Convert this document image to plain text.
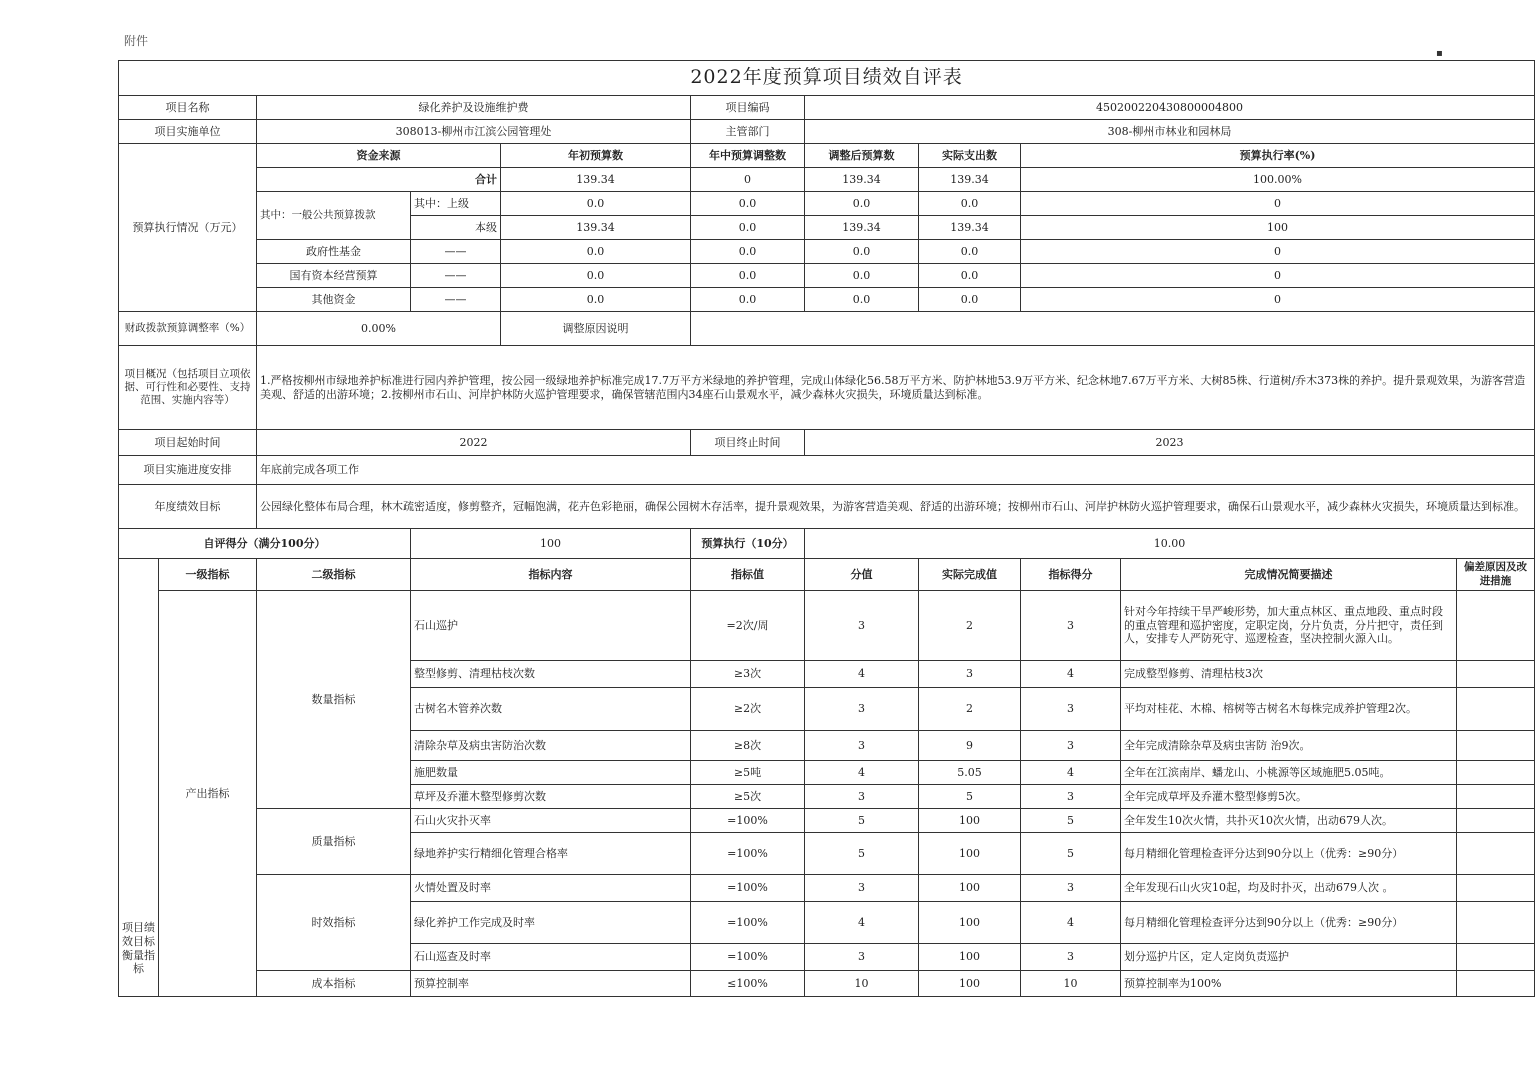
附件
▪
2022年度预算项目绩效自评表										
项目名称		绿化养护及设施维护费			项目编码	450200220430800004800				
项目实施单位		308013-柳州市江滨公园管理处			主管部门	308-柳州市林业和园林局				
预算执行情况（万元）		资金来源		年初预算数	年中预算调整数	调整后预算数	实际支出数	预算执行率(%)		
		合计		139.34	0	139.34	139.34	100.00%		
		其中：一般公共预算拨款	其中：上级	0.0	0.0	0.0	0.0	0		
			本级	139.34	0.0	139.34	139.34	100		
		政府性基金	——	0.0	0.0	0.0	0.0	0		
		国有资本经营预算	——	0.0	0.0	0.0	0.0	0		
		其他资金	——	0.0	0.0	0.0	0.0	0		
财政拨款预算调整率（%）		0.00%		调整原因说明						
项目概况（包括项目立项依据、可行性和必要性、支持范围、实施内容等）		1.严格按柳州市绿地养护标准进行园内养护管理，按公园一级绿地养护标准完成17.7万平方米绿地的养护管理，完成山体绿化56.58万平方米、防护林地53.9万平方米、纪念林地7.67万平方米、大树85株、行道树/乔木373株的养护。提升景观效果，为游客营造美观、舒适的出游环境；2.按柳州市石山、河岸护林防火巡护管理要求，确保管辖范围内34座石山景观水平，减少森林火灾损失，环境质量达到标准。								
项目起始时间		2022			项目终止时间	2023				
项目实施进度安排		年底前完成各项工作								
年度绩效目标		公园绿化整体布局合理，林木疏密适度，修剪整齐，冠幅饱满，花卉色彩艳丽，确保公园树木存活率，提升景观效果，为游客营造美观、舒适的出游环境；按柳州市石山、河岸护林防火巡护管理要求，确保石山景观水平，减少森林火灾损失，环境质量达到标准。								
自评得分（满分100分）			100		预算执行（10分）	10.00				
项目绩效目标衡量指标	一级指标	二级指标	指标内容		指标值	分值	实际完成值	指标得分	完成情况简要描述	偏差原因及改进措施
	产出指标	数量指标	石山巡护		=2次/周	3	2	3	针对今年持续干旱严峻形势，加大重点林区、重点地段、重点时段的重点管理和巡护密度，定职定岗，分片负责，分片把守，责任到人，安排专人严防死守、巡逻检查，坚决控制火源入山。	
			整型修剪、清理枯枝次数		≥3次	4	3	4	完成整型修剪、清理枯枝3次	
			古树名木管养次数		≥2次	3	2	3	平均对桂花、木棉、榕树等古树名木每株完成养护管理2次。	
			清除杂草及病虫害防治次数		≥8次	3	9	3	全年完成清除杂草及病虫害防 治9次。	
			施肥数量		≥5吨	4	5.05	4	全年在江滨南岸、蟠龙山、小桃源等区域施肥5.05吨。	
			草坪及乔灌木整型修剪次数		≥5次	3	5	3	全年完成草坪及乔灌木整型修剪5次。	
		质量指标	石山火灾扑灭率		=100%	5	100	5	全年发生10次火情，共扑灭10次火情，出动679人次。	
			绿地养护实行精细化管理合格率		=100%	5	100	5	每月精细化管理检查评分达到90分以上（优秀：≥90分）	
		时效指标	火情处置及时率		=100%	3	100	3	全年发现石山火灾10起，均及时扑灭，出动679人次 。	
			绿化养护工作完成及时率		=100%	4	100	4	每月精细化管理检查评分达到90分以上（优秀：≥90分）	
			石山巡查及时率		=100%	3	100	3	划分巡护片区，定人定岗负责巡护	
		成本指标	预算控制率		≤100%	10	100	10	预算控制率为100%	
